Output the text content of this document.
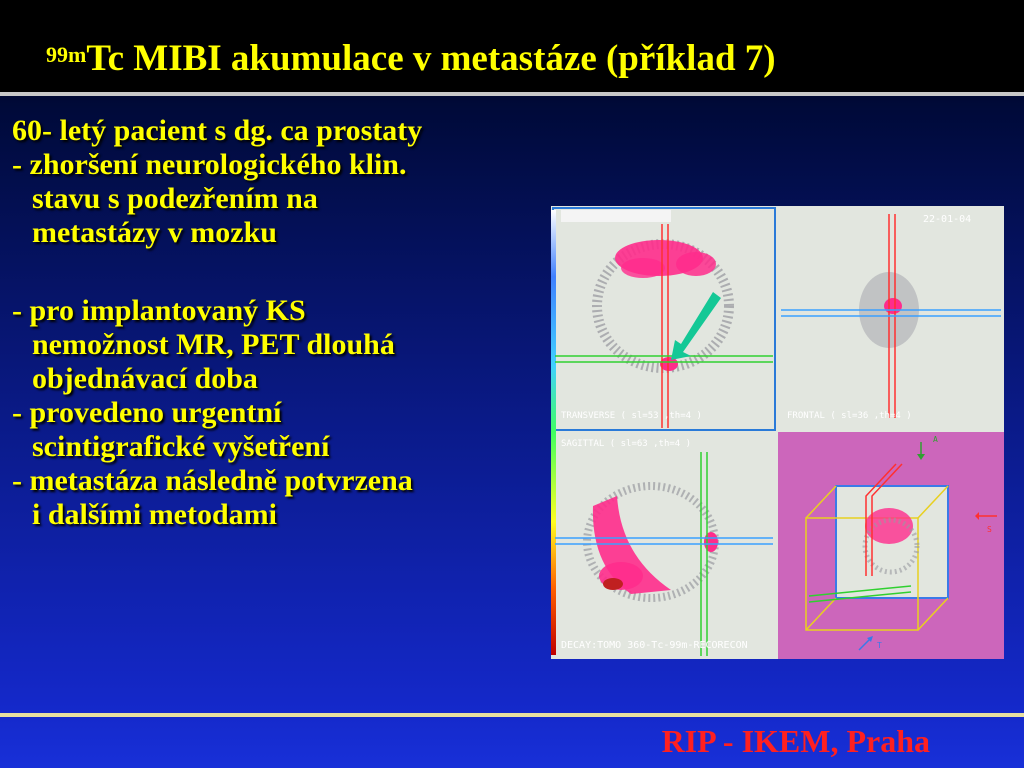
$^{99m}$Tc MIBI akumulace v metastáze (příklad 7)
60- letý pacient s dg. ca prostaty
- zhoršení neurologického klin.
stavu s podezřením na
metastázy v mozku
- pro implantovaný KS
nemožnost MR, PET dlouhá
objednávací doba
- provedeno urgentní
scintigrafické vyšetření
- metastáza následně potvrzena
i dalšími metodami
TRANSVERSE ( sl=53 ,th=4 )
22-01-04
FRONTAL ( sl=36 ,th=4 )
SAGITTAL ( sl=63 ,th=4 )	A
S
T
DECAY:TOMO 360-Tc-99m-RECORECON
RIP - IKEM, Praha
